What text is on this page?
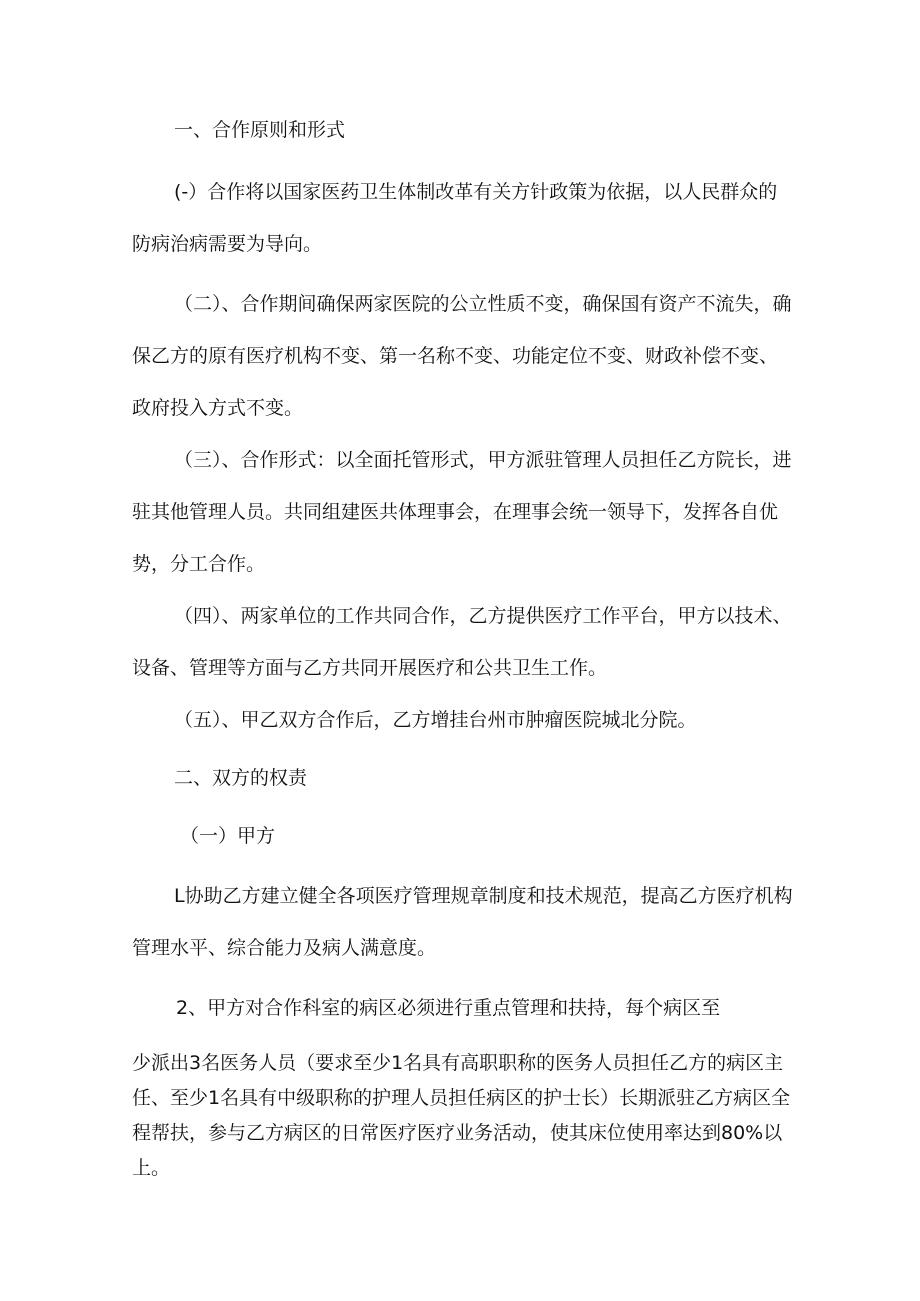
一、合作原则和形式

(-）合作将以国家医药卫生体制改革有关方针政策为依据，以人民群众的防病治病需要为导向。

（二）、合作期间确保两家医院的公立性质不变，确保国有资产不流失，确保乙方的原有医疗机构不变、第一名称不变、功能定位不变、财政补偿不变、政府投入方式不变。

（三）、合作形式：以全面托管形式，甲方派驻管理人员担任乙方院长，进驻其他管理人员。共同组建医共体理事会，在理事会统一领导下，发挥各自优势，分工合作。

（四）、两家单位的工作共同合作，乙方提供医疗工作平台，甲方以技术、设备、管理等方面与乙方共同开展医疗和公共卫生工作。

（五）、甲乙双方合作后，乙方增挂台州市肿瘤医院城北分院。

二、双方的权责

（一）甲方

L协助乙方建立健全各项医疗管理规章制度和技术规范，提高乙方医疗机构管理水平、综合能力及病人满意度。

2、甲方对合作科室的病区必须进行重点管理和扶持，每个病区至

少派出3名医务人员（要求至少1名具有高职职称的医务人员担任乙方的病区主任、至少1名具有中级职称的护理人员担任病区的护士长）长期派驻乙方病区全程帮扶，参与乙方病区的日常医疗医疗业务活动，使其床位使用率达到80%以上。
